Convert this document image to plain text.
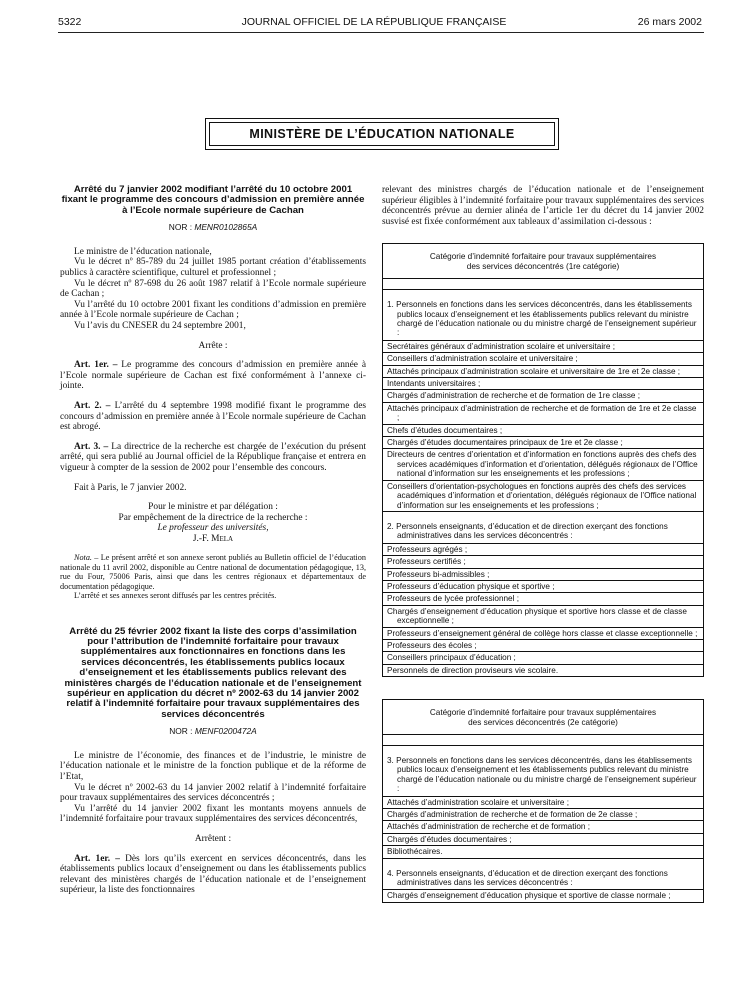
5322	JOURNAL OFFICIEL DE LA RÉPUBLIQUE FRANÇAISE	26 mars 2002
MINISTÈRE DE L’ÉDUCATION NATIONALE

Arrêté du 7 janvier 2002 modifiant l’arrêté du 10 octobre 2001 fixant le programme des concours d’admission en première année à l’Ecole normale supérieure de Cachan

NOR : MENR0102865A

Le ministre de l’éducation nationale,

Vu le décret nº 85-789 du 24 juillet 1985 portant création d’établissements publics à caractère scientifique, culturel et professionnel ;

Vu le décret nº 87-698 du 26 août 1987 relatif à l’Ecole normale supérieure de Cachan ;

Vu l’arrêté du 10 octobre 2001 fixant les conditions d’admission en première année à l’Ecole normale supérieure de Cachan ;

Vu l’avis du CNESER du 24 septembre 2001,

Arrête :

Art. 1er. – Le programme des concours d’admission en première année à l’Ecole normale supérieure de Cachan est fixé conformément à l’annexe ci-jointe.

Art. 2. – L’arrêté du 4 septembre 1998 modifié fixant le programme des concours d’admission en première année à l’Ecole normale supérieure de Cachan est abrogé.

Art. 3. – La directrice de la recherche est chargée de l’exécution du présent arrêté, qui sera publié au Journal officiel de la République française et entrera en vigueur à compter de la session de 2002 pour l’ensemble des concours.

Fait à Paris, le 7 janvier 2002.

Pour le ministre et par délégation :

Par empêchement de la directrice de la recherche :

Le professeur des universités,

J.-F. Mela

Nota. – Le présent arrêté et son annexe seront publiés au Bulletin officiel de l’éducation nationale du 11 avril 2002, disponible au Centre national de documentation pédagogique, 13, rue du Four, 75006 Paris, ainsi que dans les centres régionaux et départementaux de documentation pédagogique.

L’arrêté et ses annexes seront diffusés par les centres précités.

Arrêté du 25 février 2002 fixant la liste des corps d’assimilation pour l’attribution de l’indemnité forfaitaire pour travaux supplémentaires aux fonctionnaires en fonctions dans les services déconcentrés, les établissements publics locaux d’enseignement et les établissements publics relevant des ministères chargés de l’éducation nationale et de l’enseignement supérieur en application du décret nº 2002-63 du 14 janvier 2002 relatif à l’indemnité forfaitaire pour travaux supplémentaires des services déconcentrés

NOR : MENF0200472A

Le ministre de l’économie, des finances et de l’industrie, le ministre de l’éducation nationale et le ministre de la fonction publique et de la réforme de l’Etat,

Vu le décret nº 2002-63 du 14 janvier 2002 relatif à l’indemnité forfaitaire pour travaux supplémentaires des services déconcentrés ;

Vu l’arrêté du 14 janvier 2002 fixant les montants moyens annuels de l’indemnité forfaitaire pour travaux supplémentaires des services déconcentrés,

Arrêtent :

Art. 1er. – Dès lors qu’ils exercent en services déconcentrés, dans les établissements publics locaux d’enseignement ou dans les établissements publics relevant des ministères chargés de l’éducation nationale et de l’enseignement supérieur, la liste des fonctionnaires

relevant des ministres chargés de l’éducation nationale et de l’enseignement supérieur éligibles à l’indemnité forfaitaire pour travaux supplémentaires des services déconcentrés prévue au dernier alinéa de l’article 1er du décret du 14 janvier 2002 susvisé est fixée conformément aux tableaux d’assimilation ci-dessous :

Catégorie d’indemnité forfaitaire pour travaux supplémentaires
des services déconcentrés (1re catégorie)
1. Personnels en fonctions dans les services déconcentrés, dans les établissements publics locaux d’enseignement et les établissements publics relevant du ministre chargé de l’éducation nationale ou du ministre chargé de l’enseignement supérieur :
Secrétaires généraux d’administration scolaire et universitaire ;
Conseillers d’administration scolaire et universitaire ;
Attachés principaux d’administration scolaire et universitaire de 1re et 2e classe ;
Intendants universitaires ;
Chargés d’administration de recherche et de formation de 1re classe ;
Attachés principaux d’administration de recherche et de formation de 1re et 2e classe ;
Chefs d’études documentaires ;
Chargés d’études documentaires principaux de 1re et 2e classe ;
Directeurs de centres d’orientation et d’information en fonctions auprès des chefs des services académiques d’information et d’orientation, délégués régionaux de l’Office national d’information sur les enseignements et les professions ;
Conseillers d’orientation-psychologues en fonctions auprès des chefs des services académiques d’information et d’orientation, délégués régionaux de l’Office national d’information sur les enseignements et les professions ;
2. Personnels enseignants, d’éducation et de direction exerçant des fonctions administratives dans les services déconcentrés :
Professeurs agrégés ;
Professeurs certifiés ;
Professeurs bi-admissibles ;
Professeurs d’éducation physique et sportive ;
Professeurs de lycée professionnel ;
Chargés d’enseignement d’éducation physique et sportive hors classe et de classe exceptionnelle ;
Professeurs d’enseignement général de collège hors classe et classe exceptionnelle ;
Professeurs des écoles ;
Conseillers principaux d’éducation ;
Personnels de direction proviseurs vie scolaire.
Catégorie d’indemnité forfaitaire pour travaux supplémentaires
des services déconcentrés (2e catégorie)
3. Personnels en fonctions dans les services déconcentrés, dans les établissements publics locaux d’enseignement et les établissements publics relevant du ministre chargé de l’éducation nationale ou du ministre chargé de l’enseignement supérieur :
Attachés d’administration scolaire et universitaire ;
Chargés d’administration de recherche et de formation de 2e classe ;
Attachés d’administration de recherche et de formation ;
Chargés d’études documentaires ;
Bibliothécaires.
4. Personnels enseignants, d’éducation et de direction exerçant des fonctions administratives dans les services déconcentrés :
Chargés d’enseignement d’éducation physique et sportive de classe normale ;
